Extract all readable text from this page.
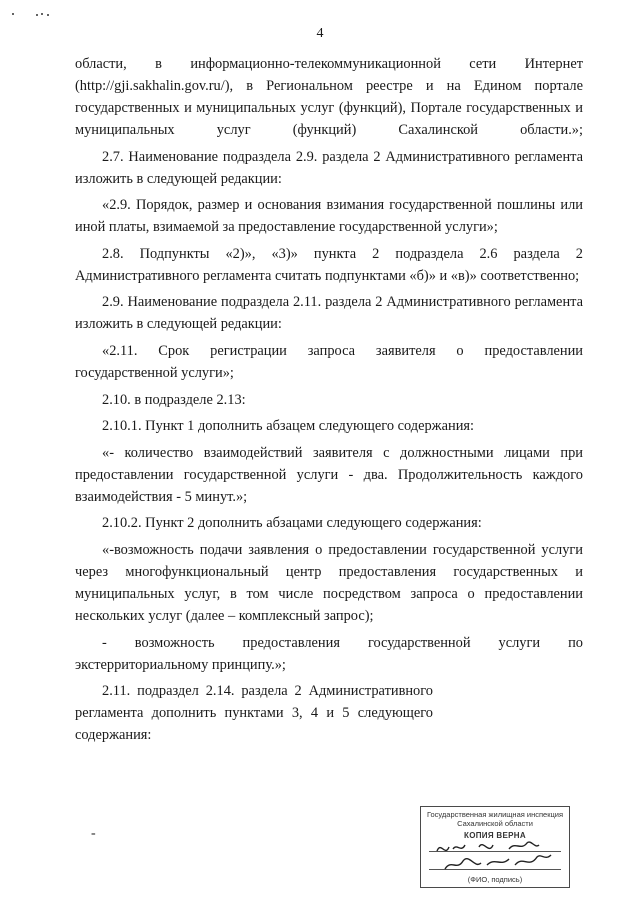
4

области, в информационно-телекоммуникационной сети Интернет (http://gji.sakhalin.gov.ru/), в Региональном реестре и на Едином портале государственных и муниципальных услуг (функций), Портале государственных и муниципальных услуг (функций) Сахалинской области.»;

2.7. Наименование подраздела 2.9. раздела 2 Административного регламента изложить в следующей редакции:

«2.9. Порядок, размер и основания взимания государственной пошлины или иной платы, взимаемой за предоставление государственной услуги»;

2.8. Подпункты «2)», «3)» пункта 2 подраздела 2.6 раздела 2 Административного регламента считать подпунктами «б)» и «в)» соответственно;

2.9. Наименование подраздела 2.11. раздела 2 Административного регламента изложить в следующей редакции:

«2.11. Срок регистрации запроса заявителя о предоставлении государственной услуги»;

2.10. в подразделе 2.13:

2.10.1. Пункт 1 дополнить абзацем следующего содержания:

«- количество взаимодействий заявителя с должностными лицами при предоставлении государственной услуги - два. Продолжительность каждого взаимодействия - 5 минут.»;

2.10.2. Пункт 2 дополнить абзацами следующего содержания:

«-возможность подачи заявления о предоставлении государственной услуги через многофункциональный центр предоставления государственных и муниципальных услуг, в том числе посредством запроса о предоставлении нескольких услуг (далее – комплексный запрос);

- возможность предоставления государственной услуги по экстерриториальному принципу.»;

2.11. подраздел 2.14. раздела 2 Административного регламента дополнить пунктами 3, 4 и 5 следующего содержания:

-
Государственная жилищная инспекция Сахалинской области
КОПИЯ ВЕРНА
(ФИО, подпись)
